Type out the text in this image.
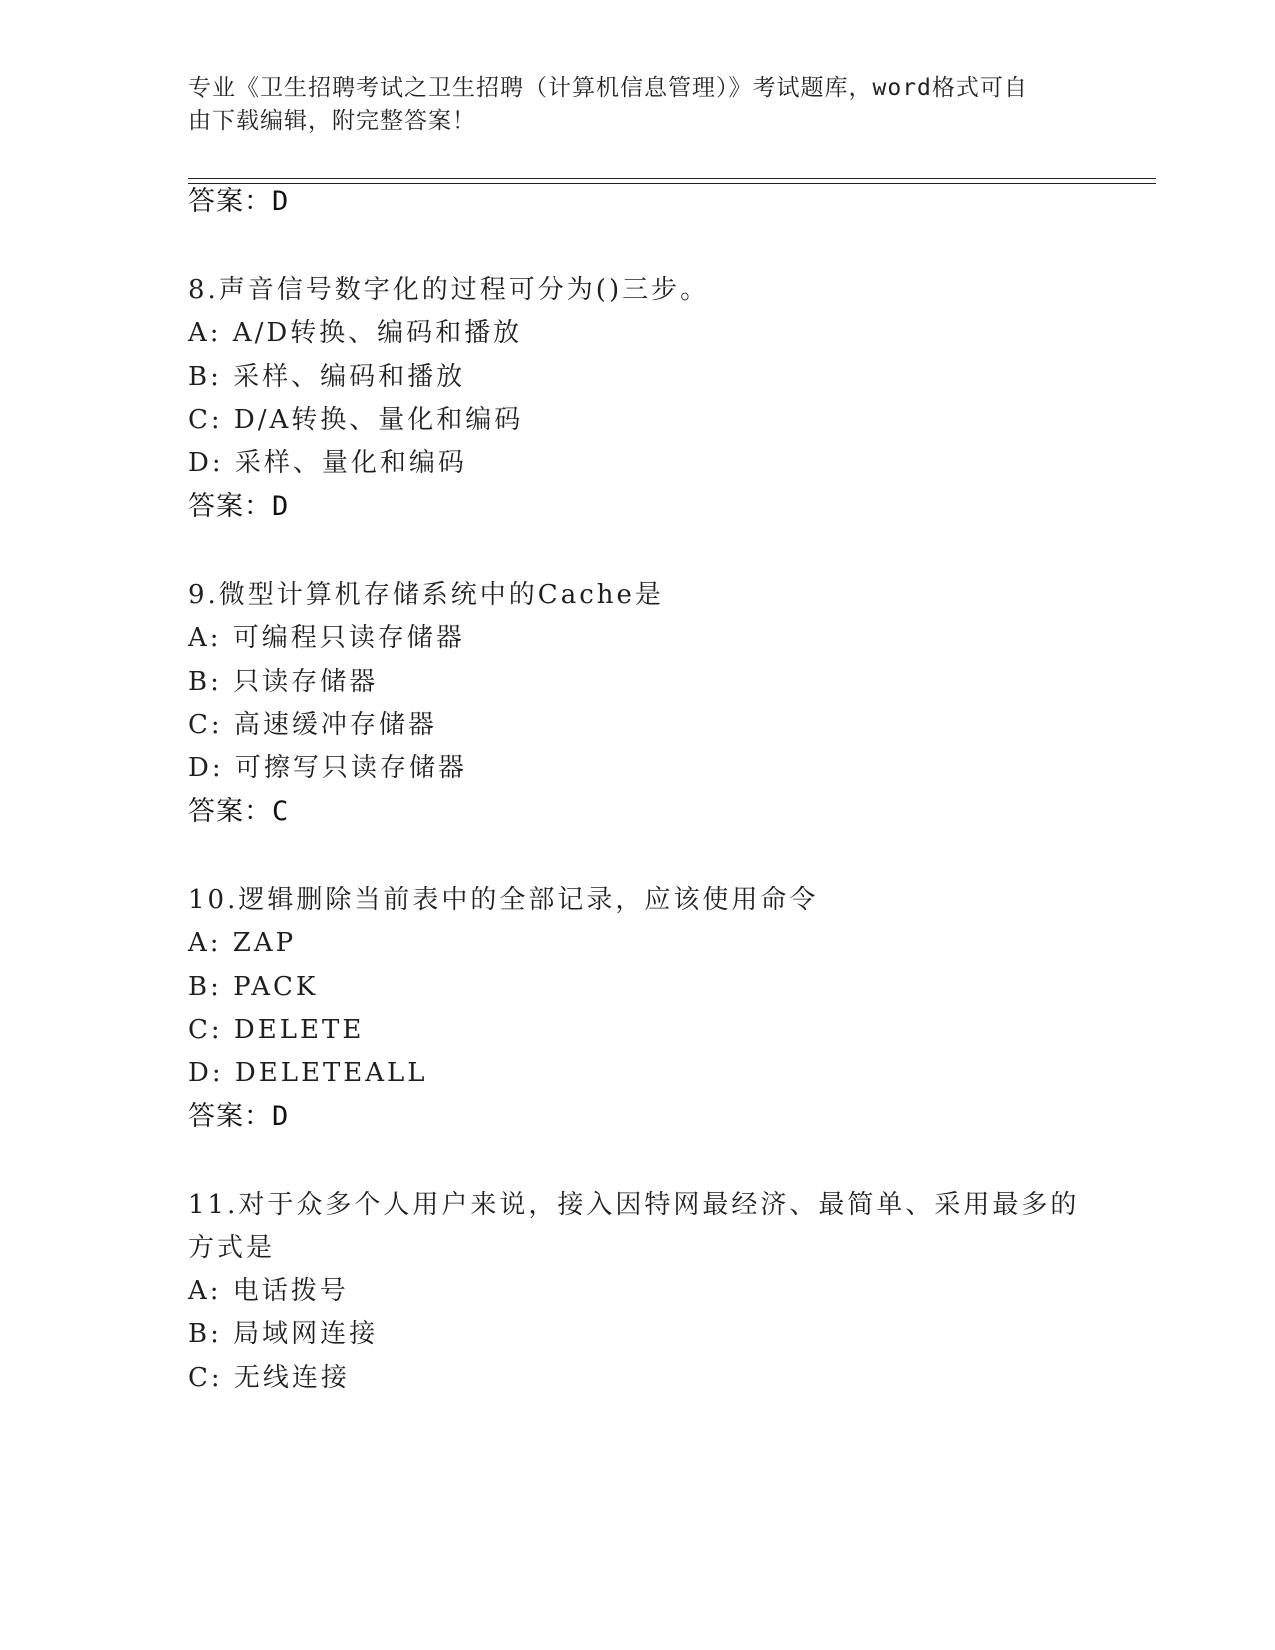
专业《卫生招聘考试之卫生招聘（计算机信息管理）》考试题库，word格式可自
由下载编辑，附完整答案！
答案：D
8.声音信号数字化的过程可分为()三步。
A: A/D转换、编码和播放
B: 采样、编码和播放
C: D/A转换、量化和编码
D: 采样、量化和编码
答案：D
9.微型计算机存储系统中的Cache是
A: 可编程只读存储器
B: 只读存储器
C: 高速缓冲存储器
D: 可擦写只读存储器
答案：C
10.逻辑删除当前表中的全部记录，应该使用命令
A: ZAP
B: PACK
C: DELETE
D: DELETEALL
答案：D
11.对于众多个人用户来说，接入因特网最经济、最简单、采用最多的
方式是
A: 电话拨号
B: 局域网连接
C: 无线连接
